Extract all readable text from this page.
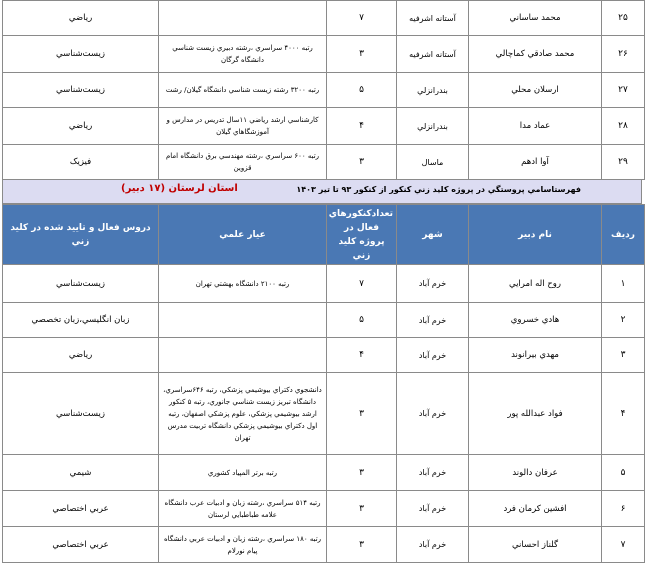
۲۵	محمد ساساني	آستانه اشرفيه	۷		رياضي
۲۶	محمد صادقي كماچالي	آستانه اشرفيه	۳	رتبه ۴۰۰۰ سراسري ،رشته دبيري زيست شناسي دانشگاه گرگان	زيست‌شناسي
۲۷	ارسلان محلي	بندرانزلي	۵	رتبه ۳۲۰۰ رشته زيست شناسي دانشگاه گيلان/ رشت	زيست‌شناسي
۲۸	عماد مدا	بندرانزلي	۴	كارشناسي ارشد رياضي ۱۱سال تدريس در مدارس و آموزشگاهاي گيلان	رياضي
۲۹	آوا ادهم	ماسال	۳	رتبه ۶۰۰ سراسري ،رشته مهندسي برق دانشگاه امام قزوين	فيزيک
فهرستاسامي پروستگي در پروژه كليد زني كنكور از كنكور ۹۳ تا تير ۱۴۰۳
استان لرستان (۱۷ دبير)
رديف	نام دبير	شهر	تعدادكنكورهاي فعال در پروژه كليد زني	عيار علمي	دروس فعال و تاييد شده در كليد زني
۱	روح اله امرايي	خرم آباد	۷	رتبه ۲۱۰۰ دانشگاه بهشتي تهران	زيست‌شناسي
۲	هادي خسروي	خرم آباد	۵		زبان انگليسي،زبان تخصصي
۳	مهدي بيرانوند	خرم آباد	۴		رياضي
۴	فواد عبدالله پور	خرم آباد	۳	دانشجوي دكتراي بيوشيمي پزشكي، رتبه ۶۴۶سراسري، دانشگاه تبريز زيست شناسي جانوري، رتبه ۵ كنكور ارشد بيوشيمي پزشكي، علوم پزشكي اصفهان، رتبه اول دكتراي بيوشيمي پزشكي دانشگاه تربيت مدرس تهران	زيست‌شناسي
۵	عرفان دالوند	خرم آباد	۳	رتبه برتر المپياد كشوري	شيمي
۶	افشين كرمان فرد	خرم آباد	۳	رتبه ۵۱۴ سراسري ،رشته زبان و ادبيات عرب دانشگاه علامه طباطبايي لرستان	عربي اختصاصي
۷	گلناز احساني	خرم آباد	۳	رتبه ۱۸۰ سراسري ،رشته زبان و ادبيات عربي دانشگاه پيام نورلام	عربي اختصاصي
